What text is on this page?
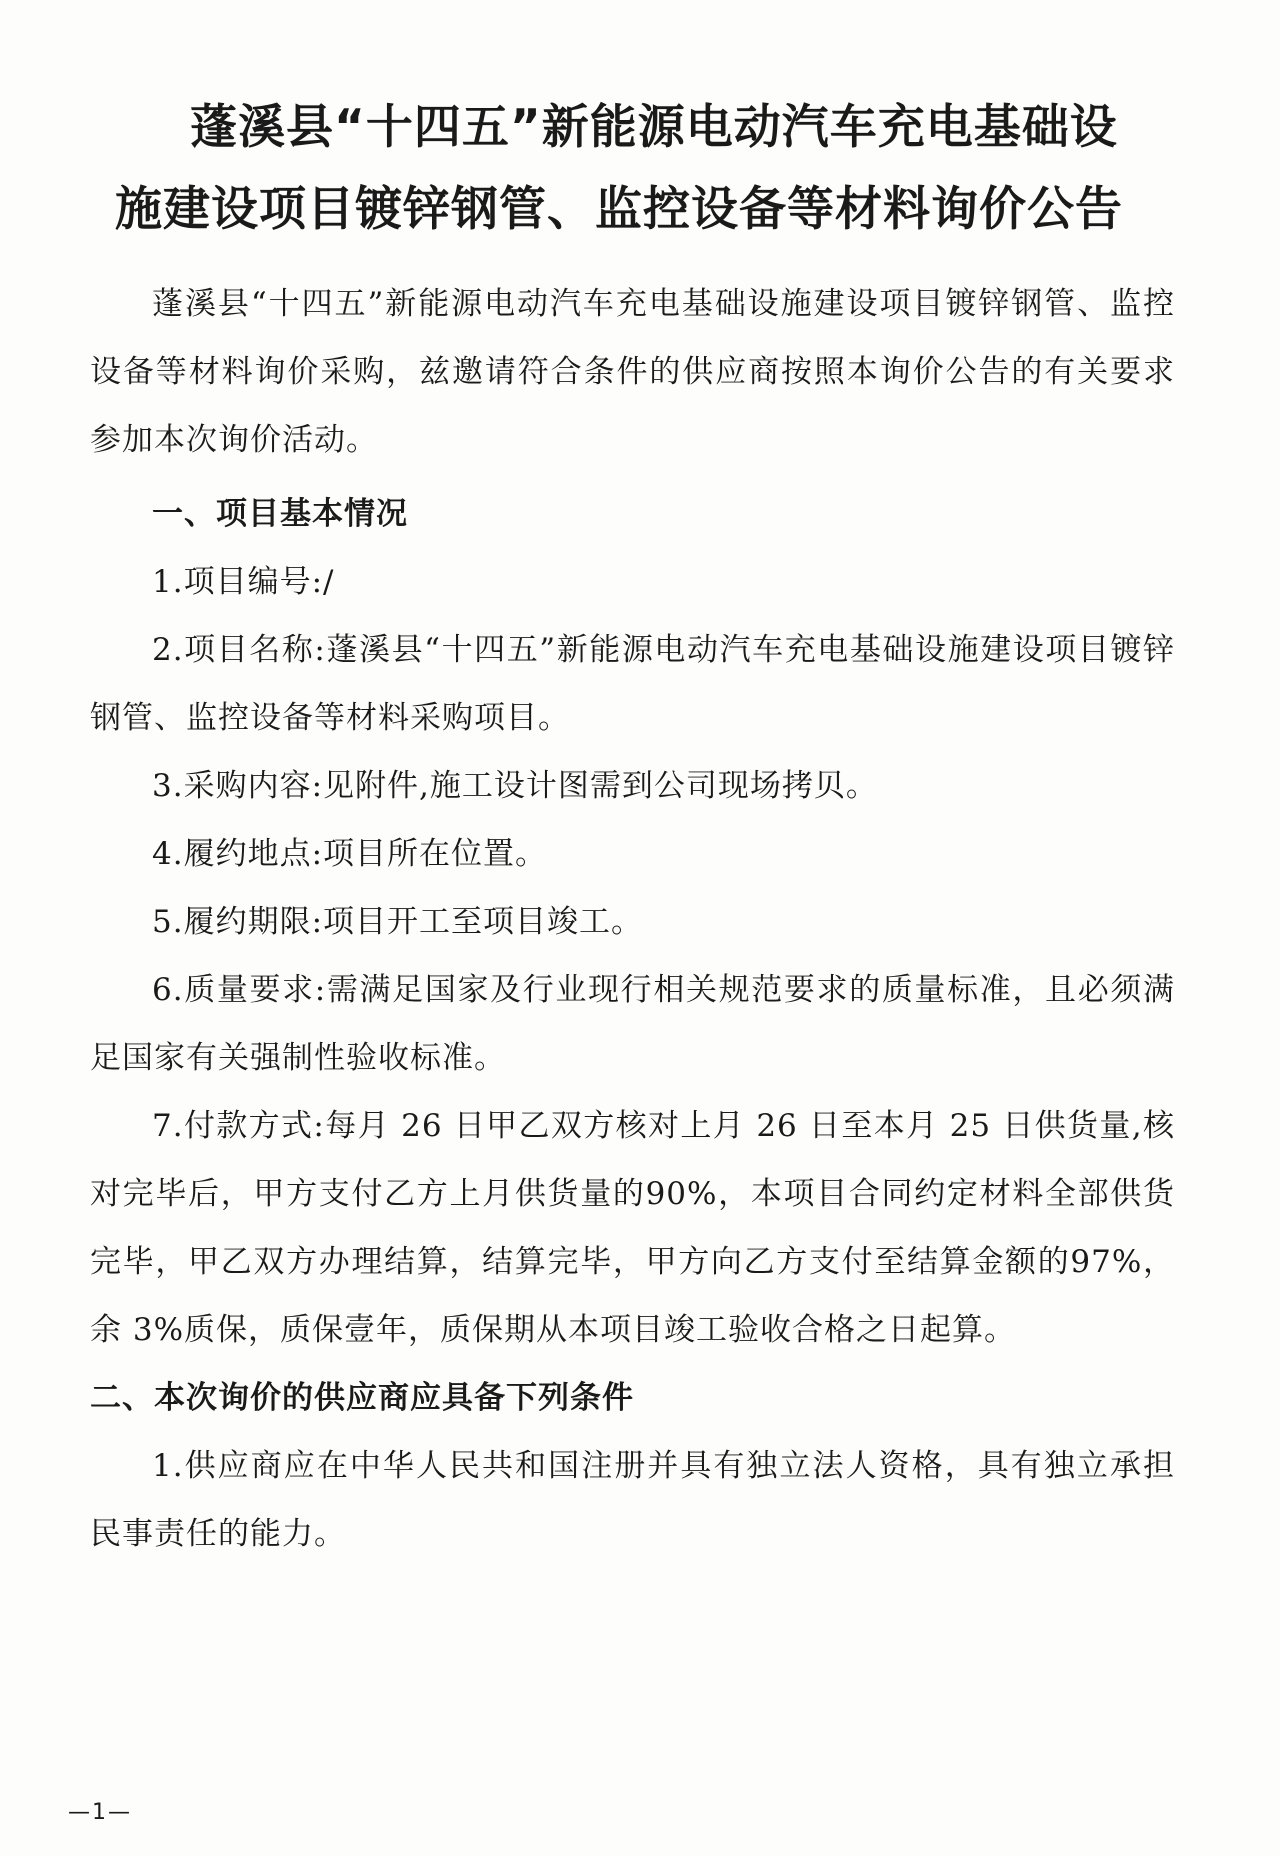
蓬溪县“十四五”新能源电动汽车充电基础设
施建设项目镀锌钢管、监控设备等材料询价公告

蓬溪县“十四五”新能源电动汽车充电基础设施建设项目镀锌钢管、监控设备等材料询价采购，兹邀请符合条件的供应商按照本询价公告的有关要求参加本次询价活动。

一、项目基本情况

1.项目编号:/

2.项目名称:蓬溪县“十四五”新能源电动汽车充电基础设施建设项目镀锌钢管、监控设备等材料采购项目。

3.采购内容:见附件,施工设计图需到公司现场拷贝。

4.履约地点:项目所在位置。

5.履约期限:项目开工至项目竣工。

6.质量要求:需满足国家及行业现行相关规范要求的质量标准，且必须满足国家有关强制性验收标准。

7.付款方式:每月 26 日甲乙双方核对上月 26 日至本月 25 日供货量,核对完毕后，甲方支付乙方上月供货量的90%，本项目合同约定材料全部供货完毕，甲乙双方办理结算，结算完毕，甲方向乙方支付至结算金额的97%，余 3%质保，质保壹年，质保期从本项目竣工验收合格之日起算。

二、本次询价的供应商应具备下列条件

1.供应商应在中华人民共和国注册并具有独立法人资格，具有独立承担民事责任的能力。

—1—
